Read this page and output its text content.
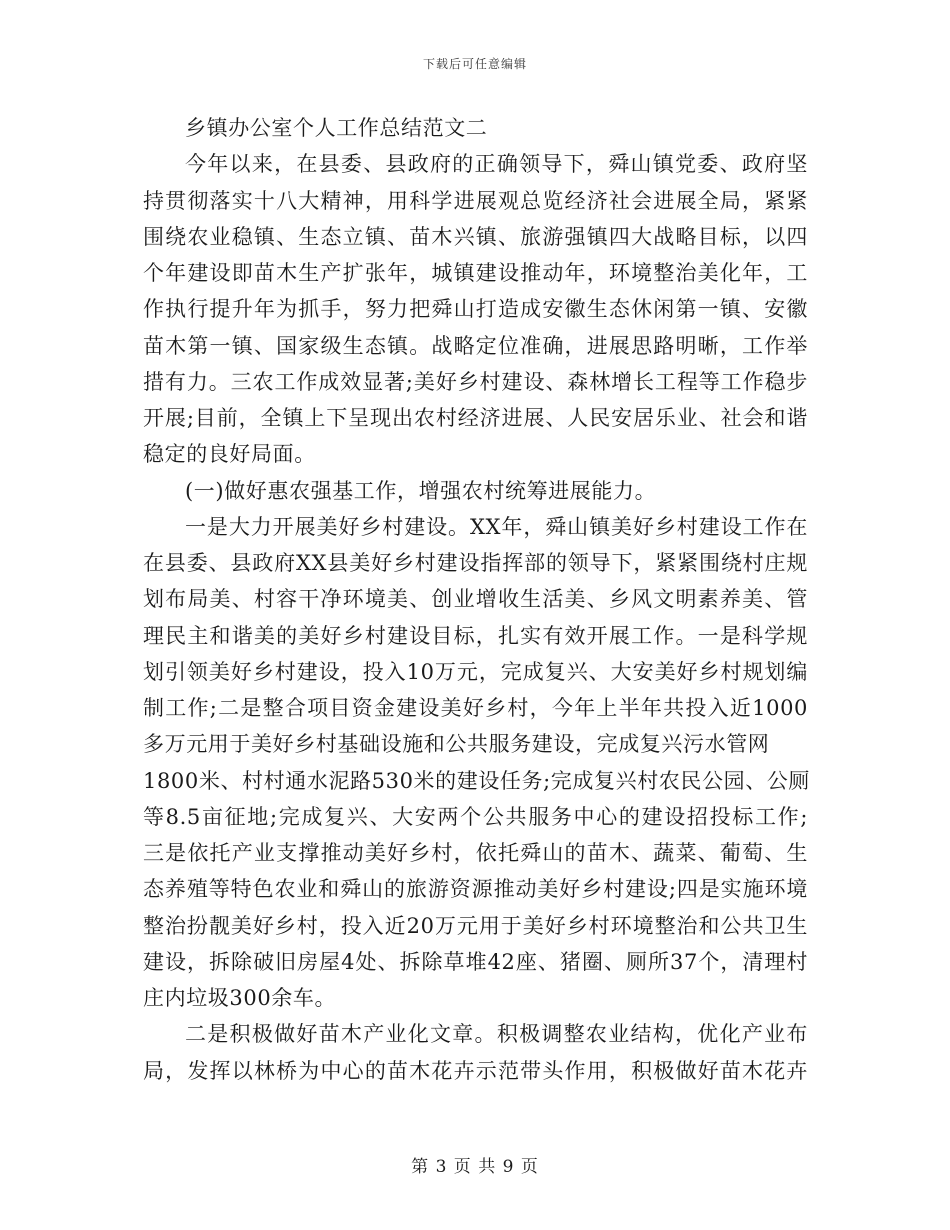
下载后可任意编辑
乡镇办公室个人工作总结范文二
今年以来，在县委、县政府的正确领导下，舜山镇党委、政府坚
持贯彻落实十八大精神，用科学进展观总览经济社会进展全局，紧紧
围绕农业稳镇、生态立镇、苗木兴镇、旅游强镇四大战略目标，以四
个年建设即苗木生产扩张年，城镇建设推动年，环境整治美化年，工
作执行提升年为抓手，努力把舜山打造成安徽生态休闲第一镇、安徽
苗木第一镇、国家级生态镇。战略定位准确，进展思路明晰，工作举
措有力。三农工作成效显著;美好乡村建设、森林增长工程等工作稳步
开展;目前，全镇上下呈现出农村经济进展、人民安居乐业、社会和谐
稳定的良好局面。
(一)做好惠农强基工作，增强农村统筹进展能力。
一是大力开展美好乡村建设。XX年，舜山镇美好乡村建设工作在
在县委、县政府XX县美好乡村建设指挥部的领导下，紧紧围绕村庄规
划布局美、村容干净环境美、创业增收生活美、乡风文明素养美、管
理民主和谐美的美好乡村建设目标，扎实有效开展工作。一是科学规
划引领美好乡村建设，投入10万元，完成复兴、大安美好乡村规划编
制工作;二是整合项目资金建设美好乡村，今年上半年共投入近1000
多万元用于美好乡村基础设施和公共服务建设，完成复兴污水管网
1800米、村村通水泥路530米的建设任务;完成复兴村农民公园、公厕
等8.5亩征地;完成复兴、大安两个公共服务中心的建设招投标工作;
三是依托产业支撑推动美好乡村，依托舜山的苗木、蔬菜、葡萄、生
态养殖等特色农业和舜山的旅游资源推动美好乡村建设;四是实施环境
整治扮靓美好乡村，投入近20万元用于美好乡村环境整治和公共卫生
建设，拆除破旧房屋4处、拆除草堆42座、猪圈、厕所37个，清理村
庄内垃圾300余车。
二是积极做好苗木产业化文章。积极调整农业结构，优化产业布
局，发挥以林桥为中心的苗木花卉示范带头作用，积极做好苗木花卉
第 3 页 共 9 页
